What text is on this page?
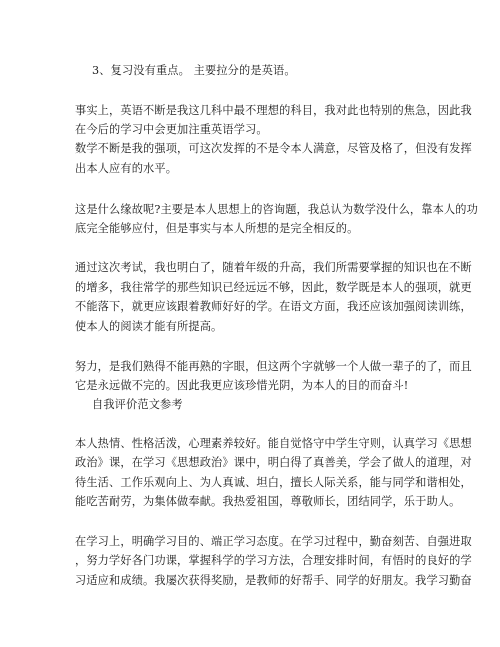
3、复习没有重点。 主要拉分的是英语。
事实上，英语不断是我这几科中最不理想的科目，我对此也特别的焦急，因此我
在今后的学习中会更加注重英语学习。
数学不断是我的强项，可这次发挥的不是令本人满意，尽管及格了，但没有发挥
出本人应有的水平。
这是什么缘故呢?主要是本人思想上的咨询题，我总认为数学没什么，靠本人的功
底完全能够应付，但是事实与本人所想的是完全相反的。
通过这次考试，我也明白了，随着年级的升高，我们所需要掌握的知识也在不断
的增多，我往常学的那些知识已经远远不够，因此，数学既是本人的强项，就更
不能落下，就更应该跟着教师好好的学。在语文方面，我还应该加强阅读训练，
使本人的阅读才能有所提高。
努力，是我们熟得不能再熟的字眼，但这两个字就够一个人做一辈子的了，而且
它是永远做不完的。因此我更应该珍惜光阴，为本人的目的而奋斗!
自我评价范文参考
本人热情、性格活泼，心理素养较好。能自觉恪守中学生守则，认真学习《思想
政治》课，在学习《思想政治》课中，明白得了真善美，学会了做人的道理，对
待生活、工作乐观向上、为人真诚、坦白，擅长人际关系，能与同学和谐相处，
能吃苦耐劳，为集体做奉献。我热爱祖国，尊敬师长，团结同学，乐于助人。
在学习上，明确学习目的、端正学习态度。在学习过程中，勤奋刻苦、自强进取
，努力学好各门功课，掌握科学的学习方法，合理安排时间，有悟时的良好的学
习适应和成绩。我屡次获得奖励，是教师的好帮手、同学的好朋友。我学习勤奋
